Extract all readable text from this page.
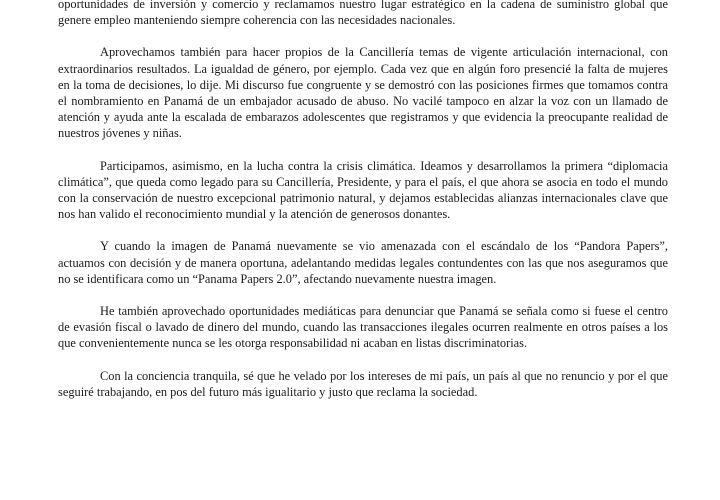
oportunidades de inversión y comercio y reclamamos nuestro lugar estratégico en la cadena de suministro global que genere empleo manteniendo siempre coherencia con las necesidades nacionales.

Aprovechamos también para hacer propios de la Cancillería temas de vigente articulación internacional, con extraordinarios resultados. La igualdad de género, por ejemplo. Cada vez que en algún foro presencié la falta de mujeres en la toma de decisiones, lo dije. Mi discurso fue congruente y se demostró con las posiciones firmes que tomamos contra el nombramiento en Panamá de un embajador acusado de abuso. No vacilé tampoco en alzar la voz con un llamado de atención y ayuda ante la escalada de embarazos adolescentes que registramos y que evidencia la preocupante realidad de nuestros jóvenes y niñas.

Participamos, asimismo, en la lucha contra la crisis climática. Ideamos y desarrollamos la primera “diplomacia climática”, que queda como legado para su Cancillería, Presidente, y para el país, el que ahora se asocia en todo el mundo con la conservación de nuestro excepcional patrimonio natural, y dejamos establecidas alianzas internacionales clave que nos han valido el reconocimiento mundial y la atención de generosos donantes.

Y cuando la imagen de Panamá nuevamente se vio amenazada con el escándalo de los “Pandora Papers”, actuamos con decisión y de manera oportuna, adelantando medidas legales contundentes con las que nos aseguramos que no se identificara como un “Panama Papers 2.0”, afectando nuevamente nuestra imagen.

He también aprovechado oportunidades mediáticas para denunciar que Panamá se señala como si fuese el centro de evasión fiscal o lavado de dinero del mundo, cuando las transacciones ilegales ocurren realmente en otros países a los que convenientemente nunca se les otorga responsabilidad ni acaban en listas discriminatorias.

Con la conciencia tranquila, sé que he velado por los intereses de mi país, un país al que no renuncio y por el que seguiré trabajando, en pos del futuro más igualitario y justo que reclama la sociedad.
